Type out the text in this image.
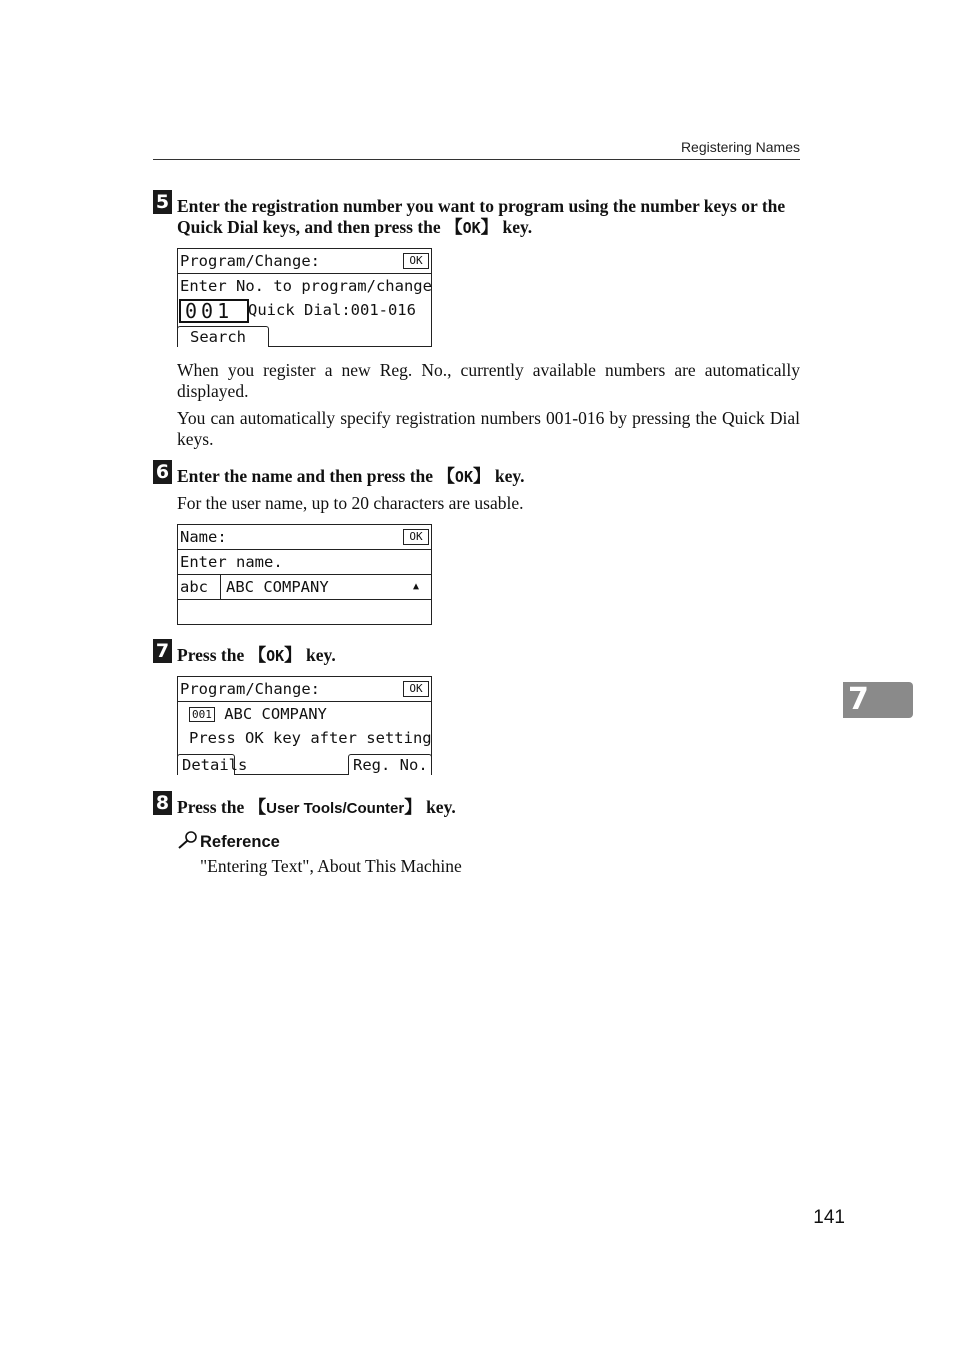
Registering Names
5 Enter the registration number you want to program using the number keys or the Quick Dial keys, and then press the 【OK】 key.
Program/Change:	OK
Enter No. to program/change
001 Quick Dial:001-016
Search
When you register a new Reg. No., currently available numbers are automatically displayed.
You can automatically specify registration numbers 001-016 by pressing the Quick Dial keys.
6 Enter the name and then press the 【OK】 key.
For the user name, up to 20 characters are usable.
Name:	OK
Enter name.
abc ABC COMPANY	▲
7 Press the 【OK】 key.
Program/Change:	OK
001 ABC COMPANY
Press OK key after setting
Details	Reg. No.
8 Press the 【User Tools/Counter】 key.
Reference
"Entering Text", About This Machine
7
141
